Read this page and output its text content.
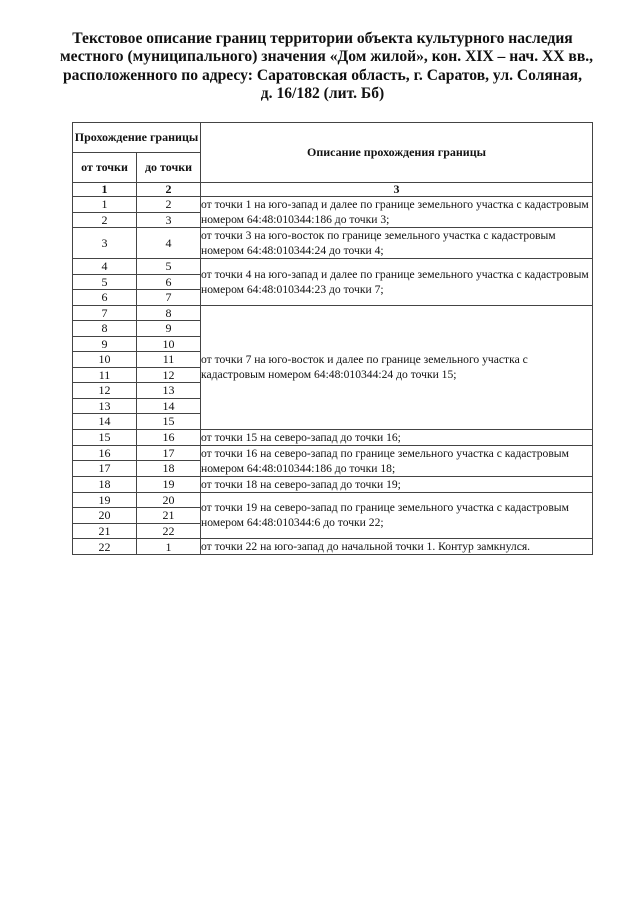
Текстовое описание границ территории объекта культурного наследия
местного (муниципального) значения «Дом жилой», кон. XIX – нач. XX вв.,
расположенного по адресу: Саратовская область, г. Саратов, ул. Соляная,
д. 16/182 (лит. Бб)
Прохождение границы		Описание прохождения границы
от точки	до точки	
1	2	3
1	2	от точки 1 на юго-запад и далее по границе земельного участка с кадастровым номером 64:48:010344:186 до точки 3;
2	3	
3	4	от точки 3 на юго-восток по границе земельного участка с кадастровым номером 64:48:010344:24 до точки 4;
4	5	от точки 4 на юго-запад и далее по границе земельного участка с кадастровым номером 64:48:010344:23 до точки 7;
5	6	
6	7	
7	8	от точки 7 на юго-восток и далее по границе земельного участка с кадастровым номером 64:48:010344:24 до точки 15;
8	9	
9	10	
10	11	
11	12	
12	13	
13	14	
14	15	
15	16	от точки 15 на северо-запад до точки 16;
16	17	от точки 16 на северо-запад по границе земельного участка с кадастровым номером 64:48:010344:186 до точки 18;
17	18	
18	19	от точки 18 на северо-запад до точки 19;
19	20	от точки 19 на северо-запад по границе земельного участка с кадастровым номером 64:48:010344:6 до точки 22;
20	21	
21	22	
22	1	от точки 22 на юго-запад до начальной точки 1. Контур замкнулся.
